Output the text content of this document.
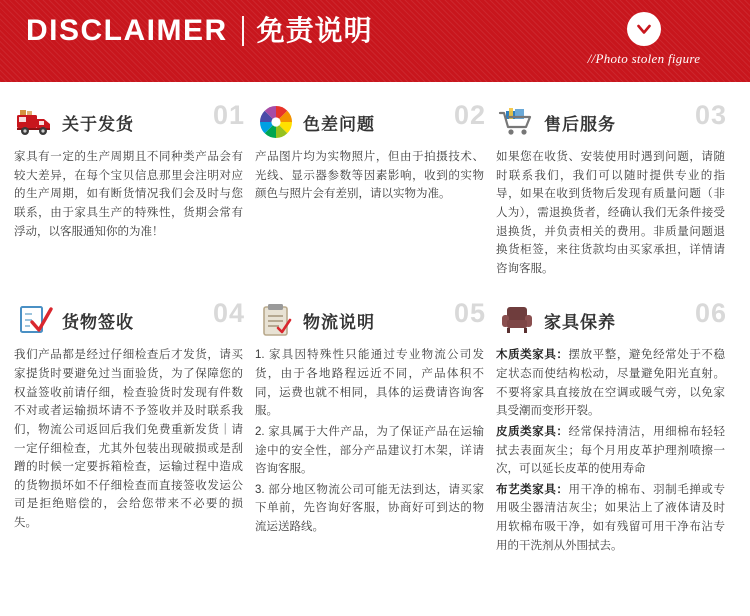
DISCLAIMER 免责说明
//Photo stolen figure
关于发货	01

家具有一定的生产周期且不同种类产品会有较大差异，在每个宝贝信息那里会注明对应的生产周期，如有断货情况我们会及时与您联系，由于家具生产的特殊性，货期会常有浮动，以客服通知你的为准！

色差问题	02

产品图片均为实物照片，但由于拍摄技术、光线、显示器参数等因素影响，收到的实物颜色与照片会有差别，请以实物为准。

售后服务	03

如果您在收货、安装使用时遇到问题，请随时联系我们，我们可以随时提供专业的指导，如果在收到货物后发现有质量问题（非人为），需退换货者，经确认我们无条件接受退换货，并负责相关的费用。非质量问题退换货柜签，来往货款均由买家承担，详情请咨询客服。

货物签收	04

我们产品都是经过仔细检查后才发货，请买家提货时要避免过当面验货，为了保障您的权益签收前请仔细，检查验货时发现有件数不对或者运输损坏请不予签收并及时联系我们，物流公司返回后我们免费重新发货｜请一定仔细检查，尤其外包装出现破损或是刮蹭的时候一定要拆箱检查，运输过程中造成的货物损坏如不仔细检查而直接签收发运公司是拒绝赔偿的，会给您带来不必要的损失。

物流说明	05

1. 家具因特殊性只能通过专业物流公司发货，由于各地路程远近不同，产品体积不同，运费也就不相同，具体的运费请咨询客服。

2. 家具属于大件产品，为了保证产品在运输途中的安全性，部分产品建议打木架，详请咨询客服。

3. 部分地区物流公司可能无法到达，请买家下单前，先咨询好客服，协商好可到达的物流运送路线。

家具保养	06

木质类家具：摆放平整，避免经常处于不稳定状态而使结构松动，尽量避免阳光直射。不要将家具直接放在空调或暖气旁，以免家具受潮而变形开裂。

皮质类家具：经常保持清洁，用细棉布轻轻拭去表面灰尘；每个月用皮革护理剂喷擦一次，可以延长皮革的使用寿命

布艺类家具：用干净的棉布、羽制毛掸或专用吸尘器清洁灰尘；如果沾上了液体请及时用软棉布吸干净，如有残留可用干净布沾专用的干洗剂从外围拭去。
